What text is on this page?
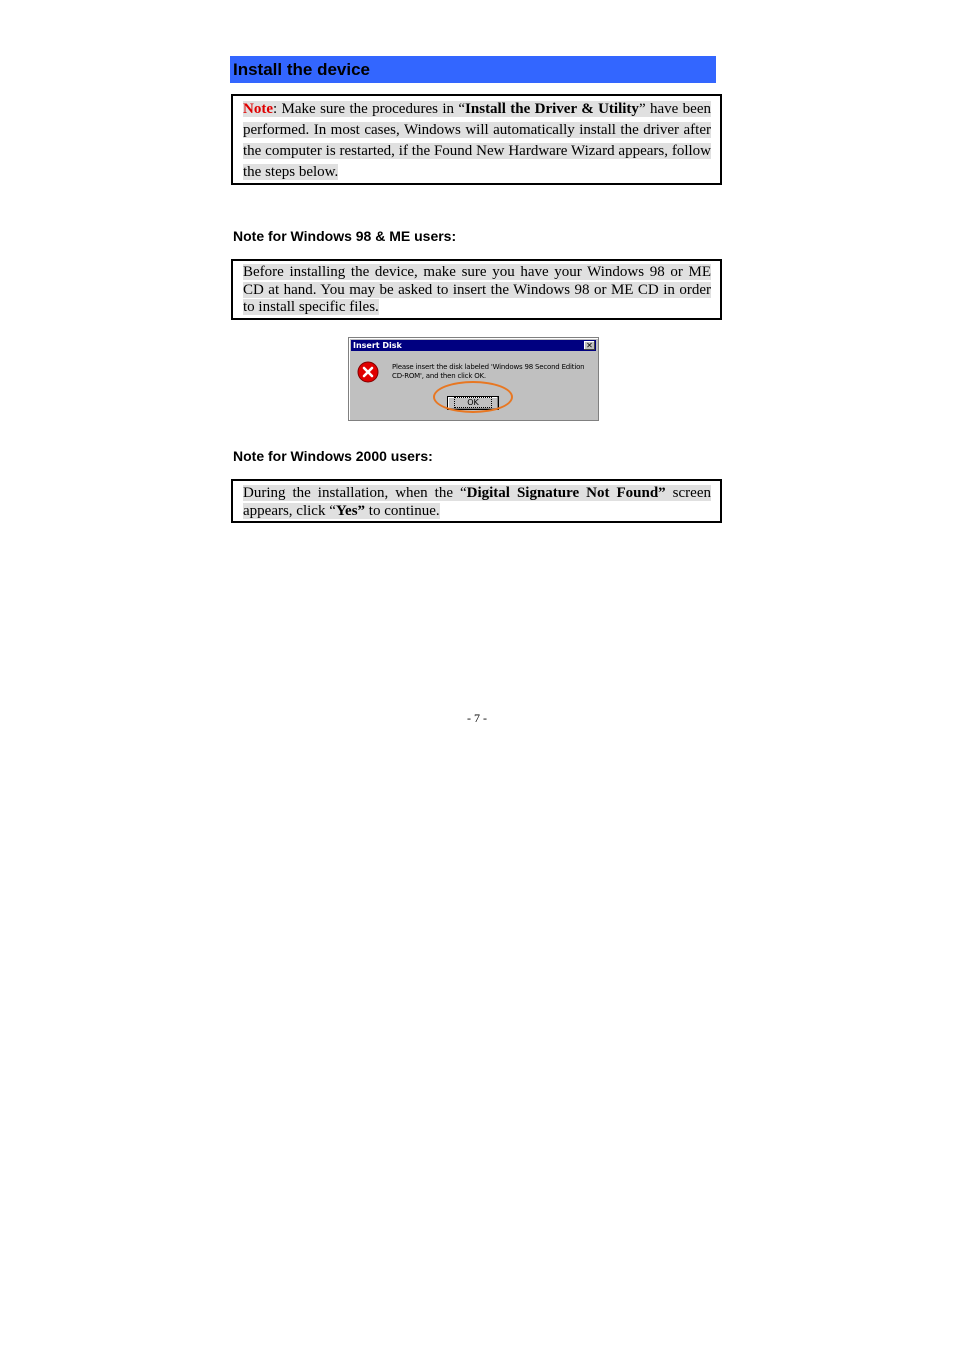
Install the device
Note: Make sure the procedures in “Install the Driver & Utility” have been performed. In most cases, Windows will automatically install the driver after the computer is restarted, if the Found New Hardware Wizard appears, follow the steps below.
Note for Windows 98 & ME users:
Before installing the device, make sure you have your Windows 98 or ME CD at hand. You may be asked to insert the Windows 98 or ME CD in order to install specific files.
Insert Disk	✕
Please insert the disk labeled 'Windows 98 Second Edition CD-ROM', and then click OK.
OK
Note for Windows 2000 users:
During the installation, when the “Digital Signature Not Found” screen appears, click “Yes” to continue.
- 7 -
